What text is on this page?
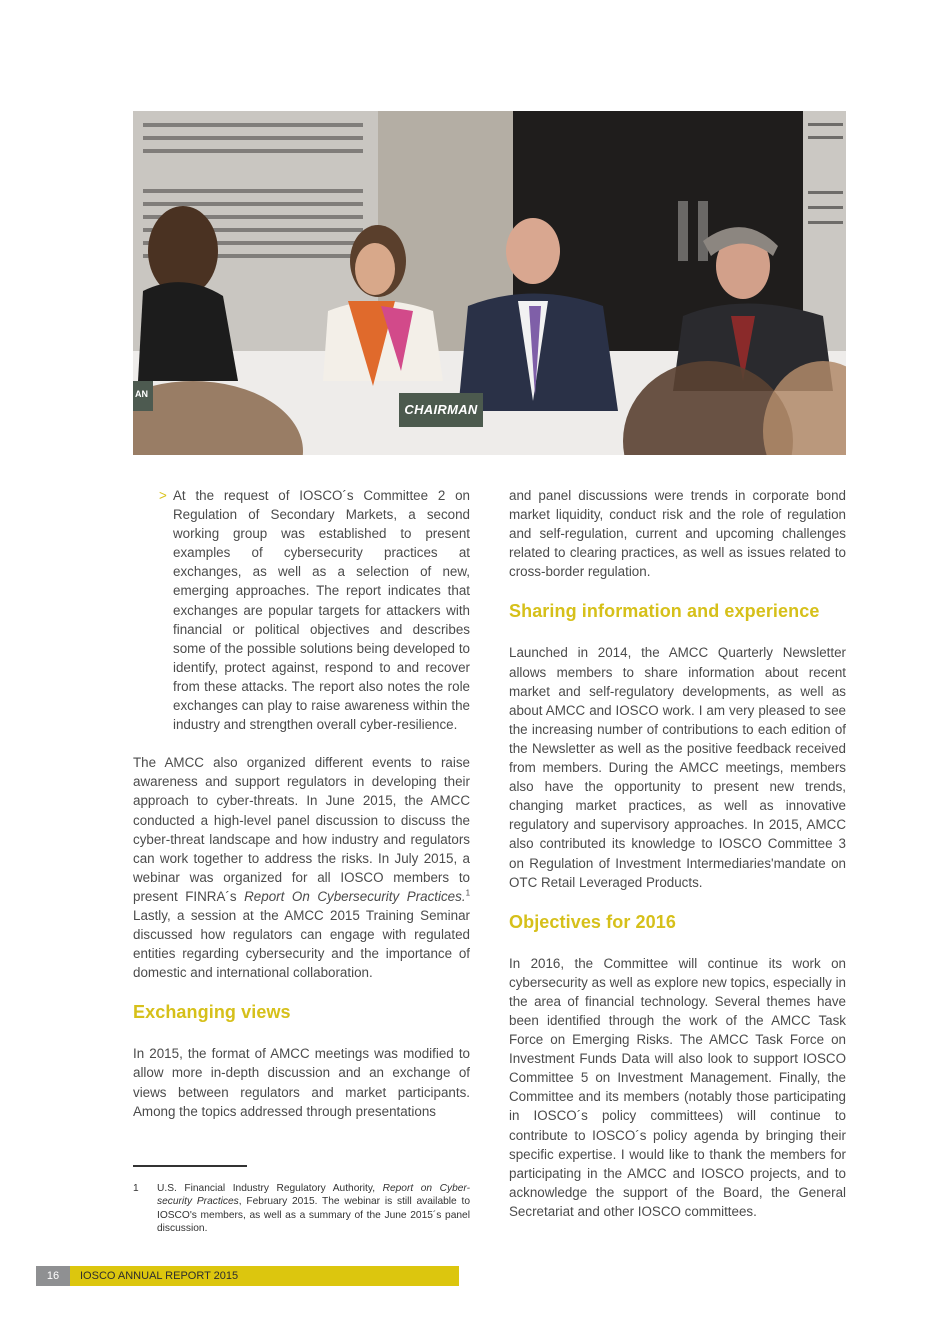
CHAIRMAN
AN

> At the request of IOSCO´s Committee 2 on Regulation of Secondary Markets, a second working group was established to present examples of cybersecurity practices at exchanges, as well as a selection of new, emerging approaches. The report indicates that exchanges are popular targets for attackers with financial or political objectives and describes some of the possible solutions being developed to identify, protect against, respond to and recover from these attacks. The report also notes the role exchanges can play to raise awareness within the industry and strengthen overall cyber-resilience.

The AMCC also organized different events to raise awareness and support regulators in developing their approach to cyber-threats. In June 2015, the AMCC conducted a high-level panel discussion to discuss the cyber-threat landscape and how industry and regulators can work together to address the risks. In July 2015, a webinar was organized for all IOSCO members to present FINRA´s Report On Cybersecurity Practices.$^1$ Lastly, a session at the AMCC 2015 Training Seminar discussed how regulators can engage with regulated entities regarding cybersecurity and the importance of domestic and international collaboration.

Exchanging views

In 2015, the format of AMCC meetings was modified to allow more in-depth discussion and an exchange of views between regulators and market participants. Among the topics addressed through presentations

and panel discussions were trends in corporate bond market liquidity, conduct risk and the role of regulation and self-regulation, current and upcoming challenges related to clearing practices, as well as issues related to cross-border regulation.

Sharing information and experience

Launched in 2014, the AMCC Quarterly Newsletter allows members to share information about recent market and self-regulatory developments, as well as about AMCC and IOSCO work. I am very pleased to see the increasing number of contributions to each edition of the Newsletter as well as the positive feedback received from members. During the AMCC meetings, members also have the opportunity to present new trends, changing market practices, as well as innovative regulatory and supervisory approaches. In 2015, AMCC also contributed its knowledge to IOSCO Committee 3 on Regulation of Investment Intermediaries'mandate on OTC Retail Leveraged Products.

Objectives for 2016

In 2016, the Committee will continue its work on cybersecurity as well as explore new topics, especially in the area of financial technology. Several themes have been identified through the work of the AMCC Task Force on Emerging Risks. The AMCC Task Force on Investment Funds Data will also look to support IOSCO Committee 5 on Investment Management. Finally, the Committee and its members (notably those participating in IOSCO´s policy committees) will continue to contribute to IOSCO´s policy agenda by bringing their specific expertise. I would like to thank the members for participating in the AMCC and IOSCO projects, and to acknowledge the support of the Board, the General Secretariat and other IOSCO committees.

1 U.S. Financial Industry Regulatory Authority, Report on Cyber-security Practices, February 2015. The webinar is still available to IOSCO's members, as well as a summary of the June 2015´s panel discussion.
16	IOSCO ANNUAL REPORT 2015
